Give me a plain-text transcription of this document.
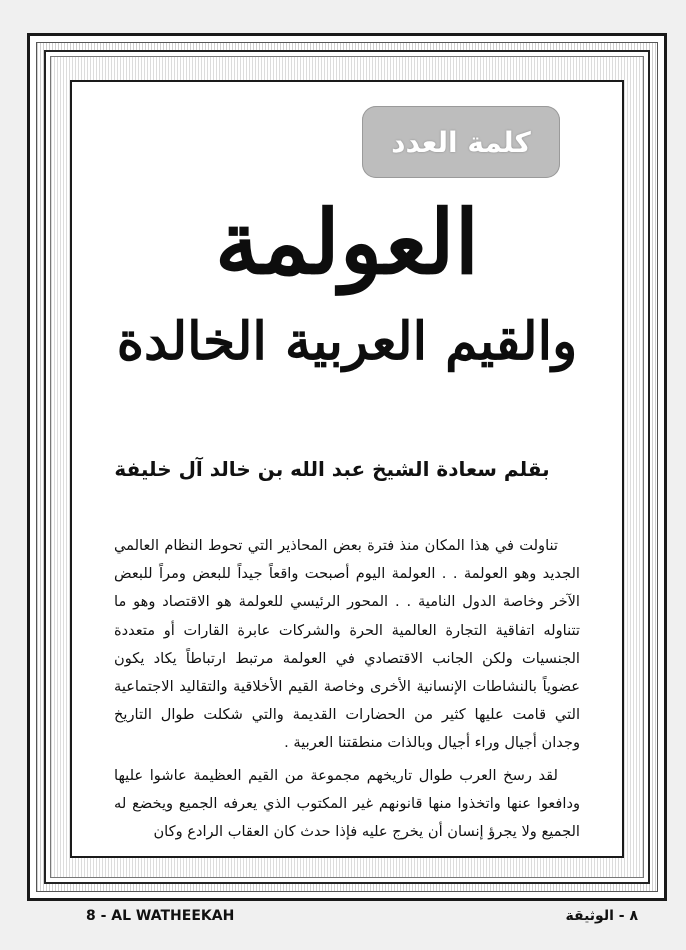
كلمة العدد
العولمة
والقيم العربية الخالدة
بقلم سعادة الشيخ عبد الله بن خالد آل خليفة

تناولت في هذا المكان منذ فترة بعض المحاذير التي تحوط النظام العالمي الجديد وهو العولمة . . العولمة اليوم أصبحت واقعاً جيداً للبعض ومراً للبعض الآخر وخاصة الدول النامية . . المحور الرئيسي للعولمة هو الاقتصاد وهو ما تتناوله اتفاقية التجارة العالمية الحرة والشركات عابرة القارات أو متعددة الجنسيات ولكن الجانب الاقتصادي في العولمة مرتبط ارتباطاً يكاد يكون عضوياً بالنشاطات الإنسانية الأخرى وخاصة القيم الأخلاقية والتقاليد الاجتماعية التي قامت عليها كثير من الحضارات القديمة والتي شكلت طوال التاريخ وجدان أجيال وراء أجيال وبالذات منطقتنا العربية .

لقد رسخ العرب طوال تاريخهم مجموعة من القيم العظيمة عاشوا عليها ودافعوا عنها واتخذوا منها قانونهم غير المكتوب الذي يعرفه الجميع ويخضع له الجميع ولا يجرؤ إنسان أن يخرج عليه فإذا حدث كان العقاب الرادع وكان

8 - AL WATHEEKAH	٨ - الوثيقة
